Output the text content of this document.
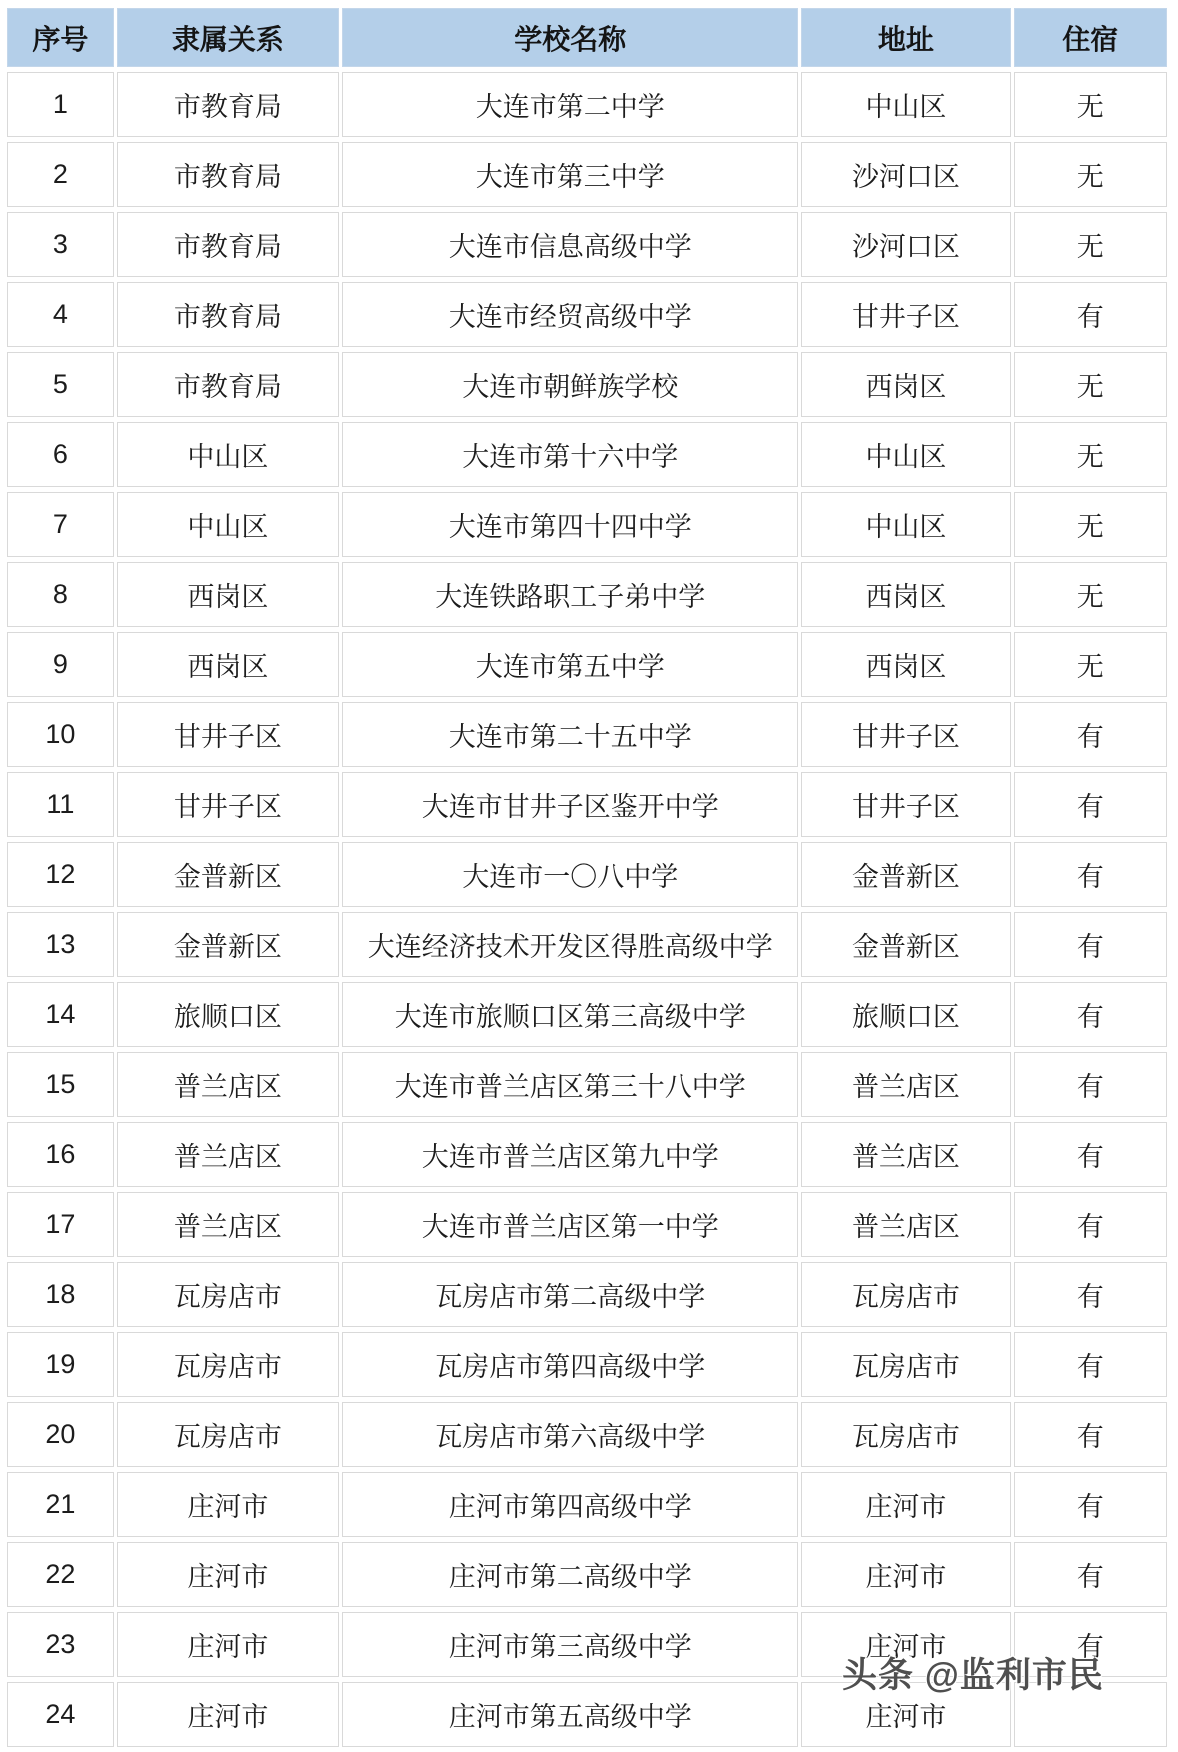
序号	隶属关系	学校名称	地址	住宿
1	市教育局	大连市第二中学	中山区	无
2	市教育局	大连市第三中学	沙河口区	无
3	市教育局	大连市信息高级中学	沙河口区	无
4	市教育局	大连市经贸高级中学	甘井子区	有
5	市教育局	大连市朝鲜族学校	西岗区	无
6	中山区	大连市第十六中学	中山区	无
7	中山区	大连市第四十四中学	中山区	无
8	西岗区	大连铁路职工子弟中学	西岗区	无
9	西岗区	大连市第五中学	西岗区	无
10	甘井子区	大连市第二十五中学	甘井子区	有
11	甘井子区	大连市甘井子区鉴开中学	甘井子区	有
12	金普新区	大连市一〇八中学	金普新区	有
13	金普新区	大连经济技术开发区得胜高级中学	金普新区	有
14	旅顺口区	大连市旅顺口区第三高级中学	旅顺口区	有
15	普兰店区	大连市普兰店区第三十八中学	普兰店区	有
16	普兰店区	大连市普兰店区第九中学	普兰店区	有
17	普兰店区	大连市普兰店区第一中学	普兰店区	有
18	瓦房店市	瓦房店市第二高级中学	瓦房店市	有
19	瓦房店市	瓦房店市第四高级中学	瓦房店市	有
20	瓦房店市	瓦房店市第六高级中学	瓦房店市	有
21	庄河市	庄河市第四高级中学	庄河市	有
22	庄河市	庄河市第二高级中学	庄河市	有
23	庄河市	庄河市第三高级中学	庄河市	有
24	庄河市	庄河市第五高级中学	庄河市	
头条 @监利市民
